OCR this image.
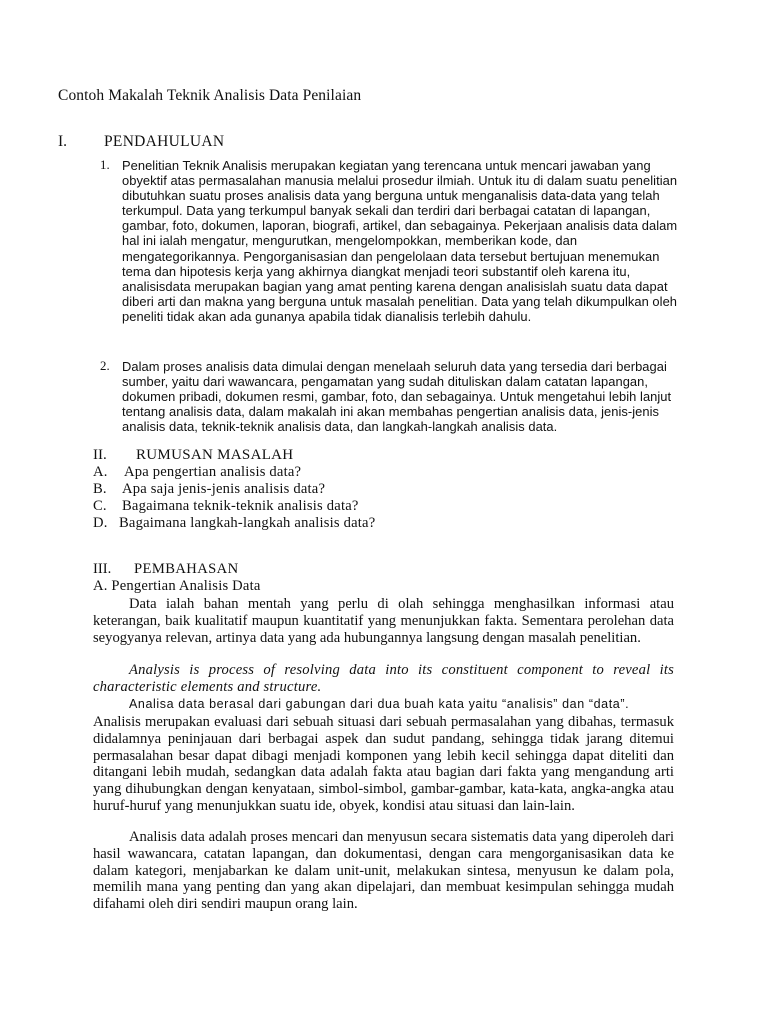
Contoh Makalah Teknik Analisis Data Penilaian
I. PENDAHULUAN
1. Penelitian Teknik Analisis merupakan kegiatan yang terencana untuk mencari jawaban yang obyektif atas permasalahan manusia melalui prosedur ilmiah. Untuk itu di dalam suatu penelitian dibutuhkan suatu proses analisis data yang berguna untuk menganalisis data-data yang telah terkumpul. Data yang terkumpul banyak sekali dan terdiri dari berbagai catatan di lapangan, gambar, foto, dokumen, laporan, biografi, artikel, dan sebagainya. Pekerjaan analisis data dalam hal ini ialah mengatur, mengurutkan, mengelompokkan, memberikan kode, dan mengategorikannya. Pengorganisasian dan pengelolaan data tersebut bertujuan menemukan tema dan hipotesis kerja yang akhirnya diangkat menjadi teori substantif oleh karena itu, analisisdata merupakan bagian yang amat penting karena dengan analisislah suatu data dapat diberi arti dan makna yang berguna untuk masalah penelitian. Data yang telah dikumpulkan oleh peneliti tidak akan ada gunanya apabila tidak dianalisis terlebih dahulu.
2. Dalam proses analisis data dimulai dengan menelaah seluruh data yang tersedia dari berbagai sumber, yaitu dari wawancara, pengamatan yang sudah dituliskan dalam catatan lapangan, dokumen pribadi, dokumen resmi, gambar, foto, dan sebagainya. Untuk mengetahui lebih lanjut tentang analisis data, dalam makalah ini akan membahas pengertian analisis data, jenis-jenis analisis data, teknik-teknik analisis data, dan langkah-langkah analisis data.
II. RUMUSAN MASALAH
A. Apa pengertian analisis data?
B. Apa saja jenis-jenis analisis data?
C. Bagaimana teknik-teknik analisis data?
D. Bagaimana langkah-langkah analisis data?
III. PEMBAHASAN
A. Pengertian Analisis Data
Data ialah bahan mentah yang perlu di olah sehingga menghasilkan informasi atau keterangan, baik kualitatif maupun kuantitatif yang menunjukkan fakta. Sementara perolehan data seyogyanya relevan, artinya data yang ada hubungannya langsung dengan masalah penelitian.
Analysis is process of resolving data into its constituent component to reveal its characteristic elements and structure.
Analisa data berasal dari gabungan dari dua buah kata yaitu “analisis” dan “data”.
Analisis merupakan evaluasi dari sebuah situasi dari sebuah permasalahan yang dibahas, termasuk didalamnya peninjauan dari berbagai aspek dan sudut pandang, sehingga tidak jarang ditemui permasalahan besar dapat dibagi menjadi komponen yang lebih kecil sehingga dapat diteliti dan ditangani lebih mudah, sedangkan data adalah fakta atau bagian dari fakta yang mengandung arti yang dihubungkan dengan kenyataan, simbol-simbol, gambar-gambar, kata-kata, angka-angka atau huruf-huruf yang menunjukkan suatu ide, obyek, kondisi atau situasi dan lain-lain.
Analisis data adalah proses mencari dan menyusun secara sistematis data yang diperoleh dari hasil wawancara, catatan lapangan, dan dokumentasi, dengan cara mengorganisasikan data ke dalam kategori, menjabarkan ke dalam unit-unit, melakukan sintesa, menyusun ke dalam pola, memilih mana yang penting dan yang akan dipelajari, dan membuat kesimpulan sehingga mudah difahami oleh diri sendiri maupun orang lain.
